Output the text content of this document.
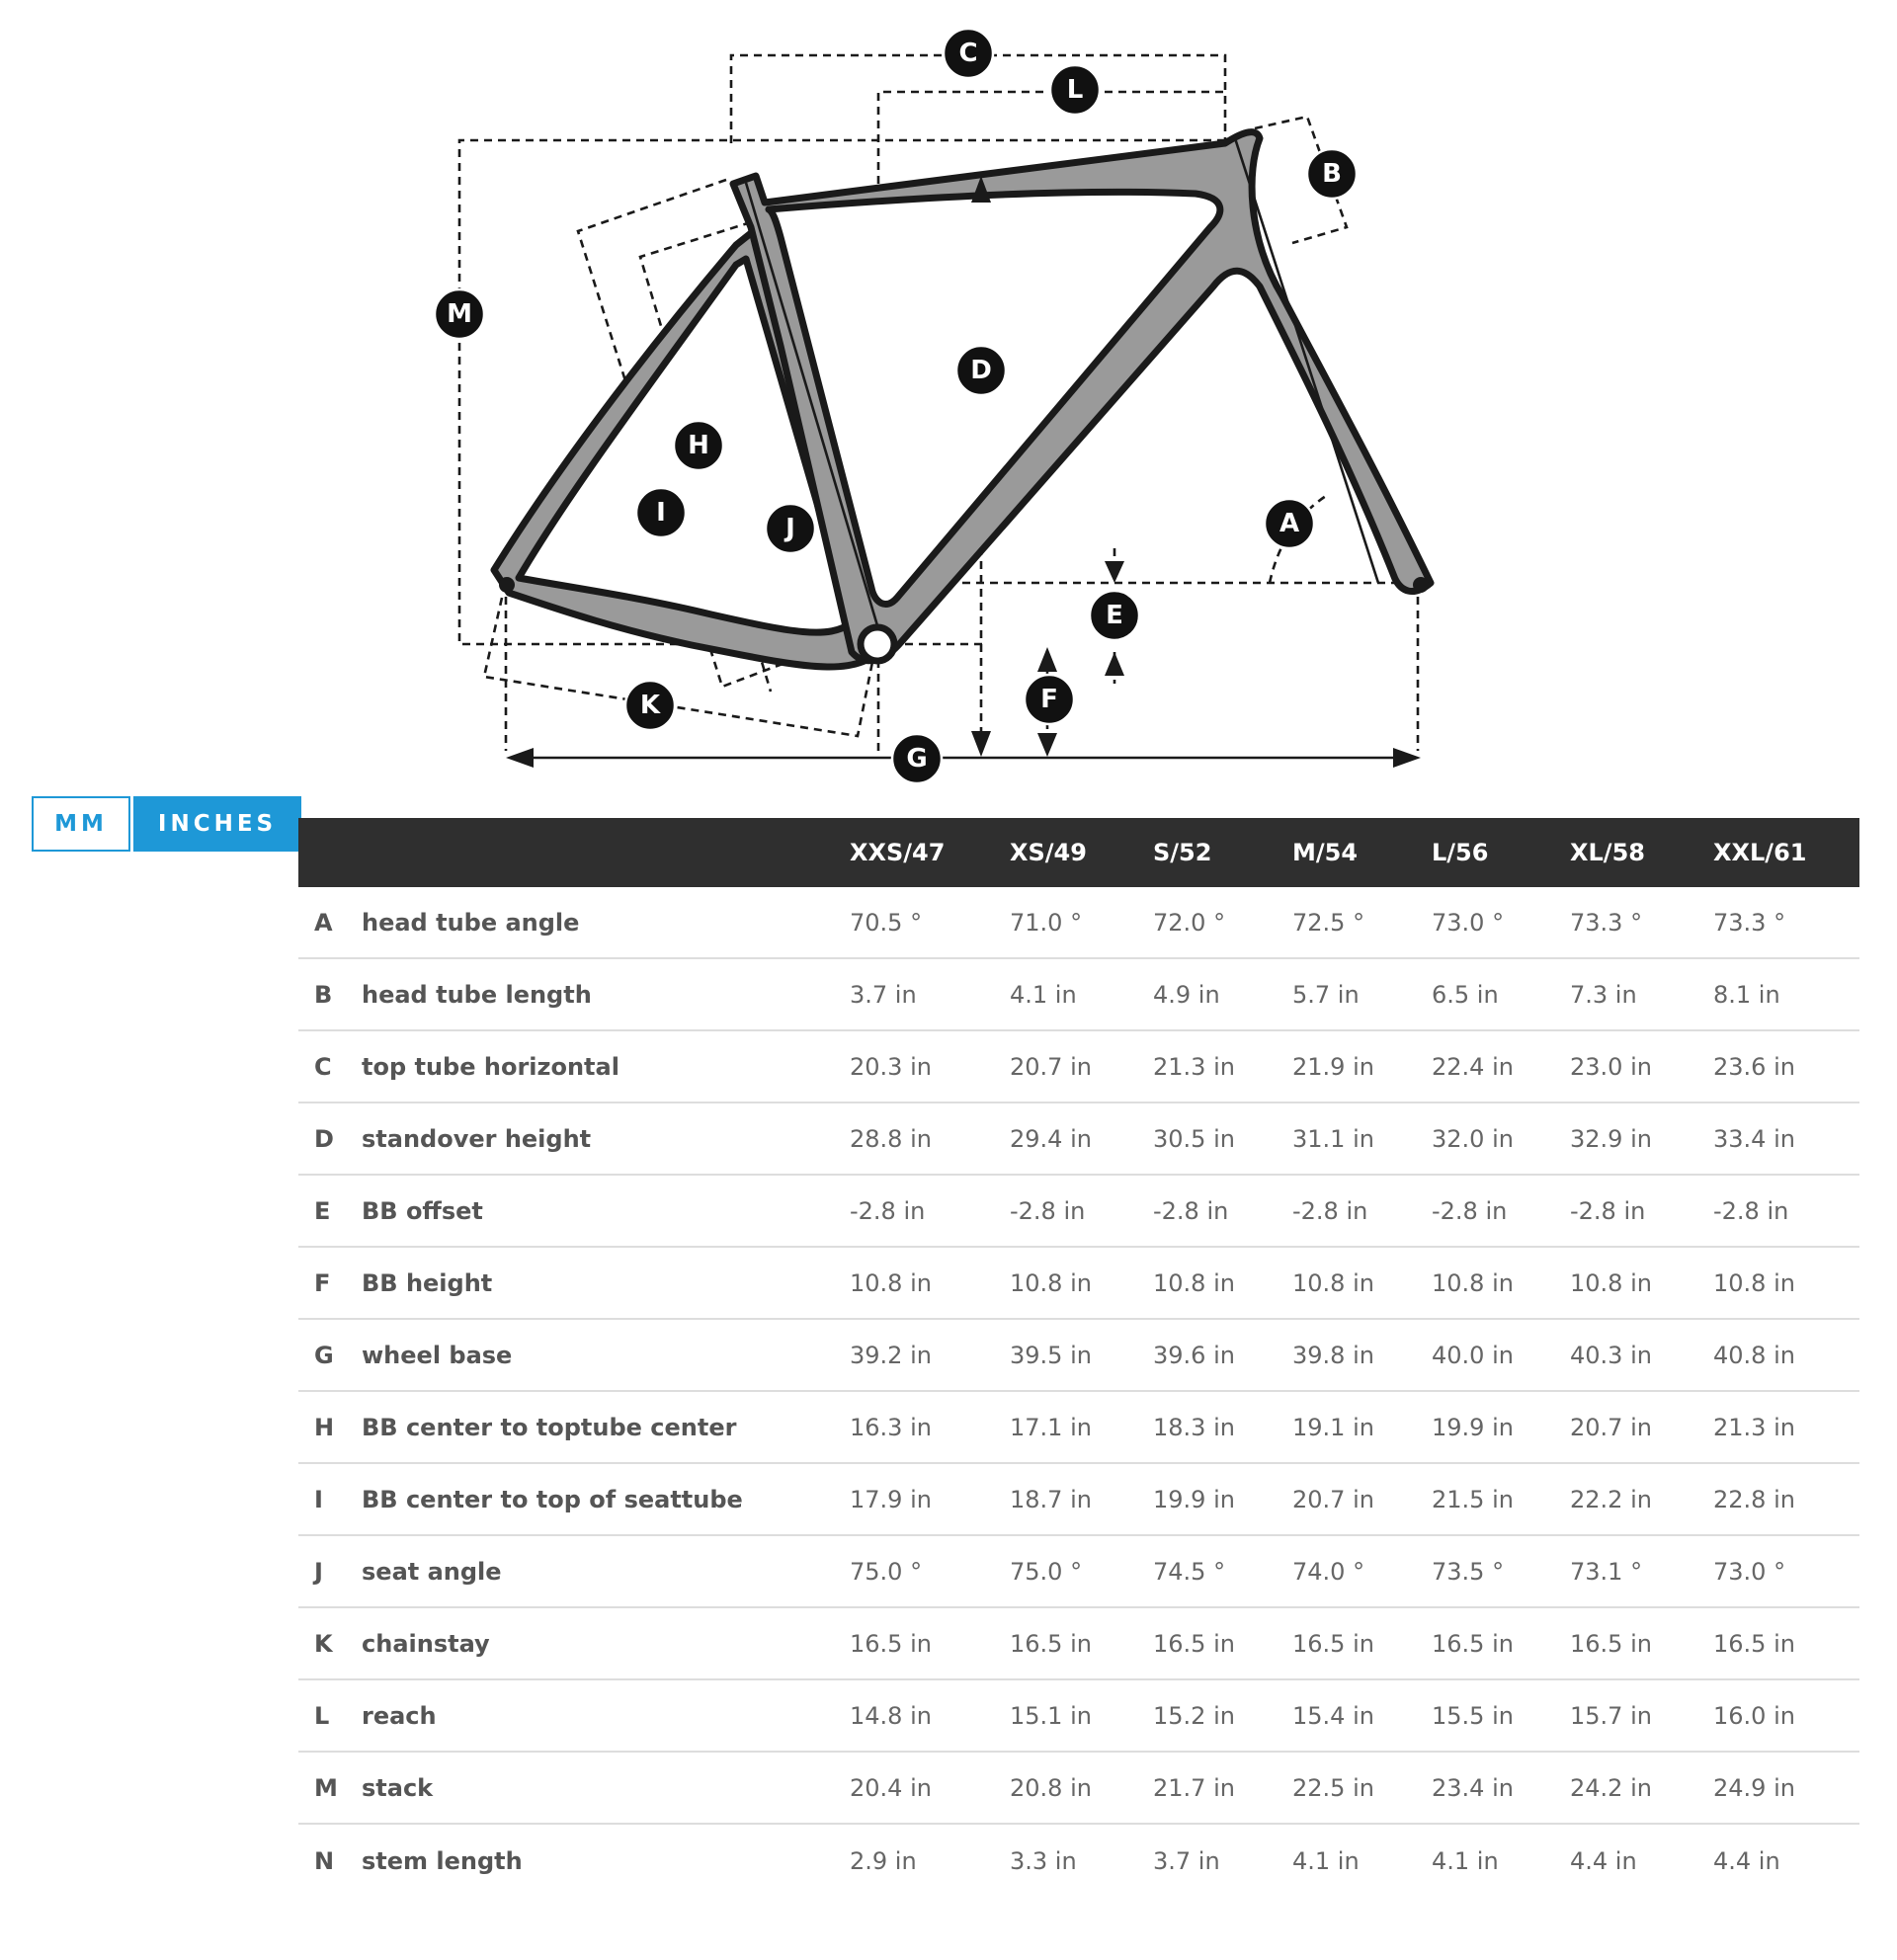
C
L
B
M
D
H
I
J	A
E
F
K
G
MM	INCHES
XXS/47	XS/49	S/52	M/54	L/56	XL/58	XXL/61
A	head tube angle	70.5 °	71.0 °	72.0 °	72.5 °	73.0 °	73.3 °	73.3 °
B	head tube length	3.7 in	4.1 in	4.9 in	5.7 in	6.5 in	7.3 in	8.1 in
C	top tube horizontal	20.3 in	20.7 in	21.3 in	21.9 in	22.4 in	23.0 in	23.6 in
D	standover height	28.8 in	29.4 in	30.5 in	31.1 in	32.0 in	32.9 in	33.4 in
E	BB offset	-2.8 in	-2.8 in	-2.8 in	-2.8 in	-2.8 in	-2.8 in	-2.8 in
F	BB height	10.8 in	10.8 in	10.8 in	10.8 in	10.8 in	10.8 in	10.8 in
G	wheel base	39.2 in	39.5 in	39.6 in	39.8 in	40.0 in	40.3 in	40.8 in
H	BB center to toptube center	16.3 in	17.1 in	18.3 in	19.1 in	19.9 in	20.7 in	21.3 in
I	BB center to top of seattube	17.9 in	18.7 in	19.9 in	20.7 in	21.5 in	22.2 in	22.8 in
J	seat angle	75.0 °	75.0 °	74.5 °	74.0 °	73.5 °	73.1 °	73.0 °
K	chainstay	16.5 in	16.5 in	16.5 in	16.5 in	16.5 in	16.5 in	16.5 in
L	reach	14.8 in	15.1 in	15.2 in	15.4 in	15.5 in	15.7 in	16.0 in
M	stack	20.4 in	20.8 in	21.7 in	22.5 in	23.4 in	24.2 in	24.9 in
N	stem length	2.9 in	3.3 in	3.7 in	4.1 in	4.1 in	4.4 in	4.4 in
